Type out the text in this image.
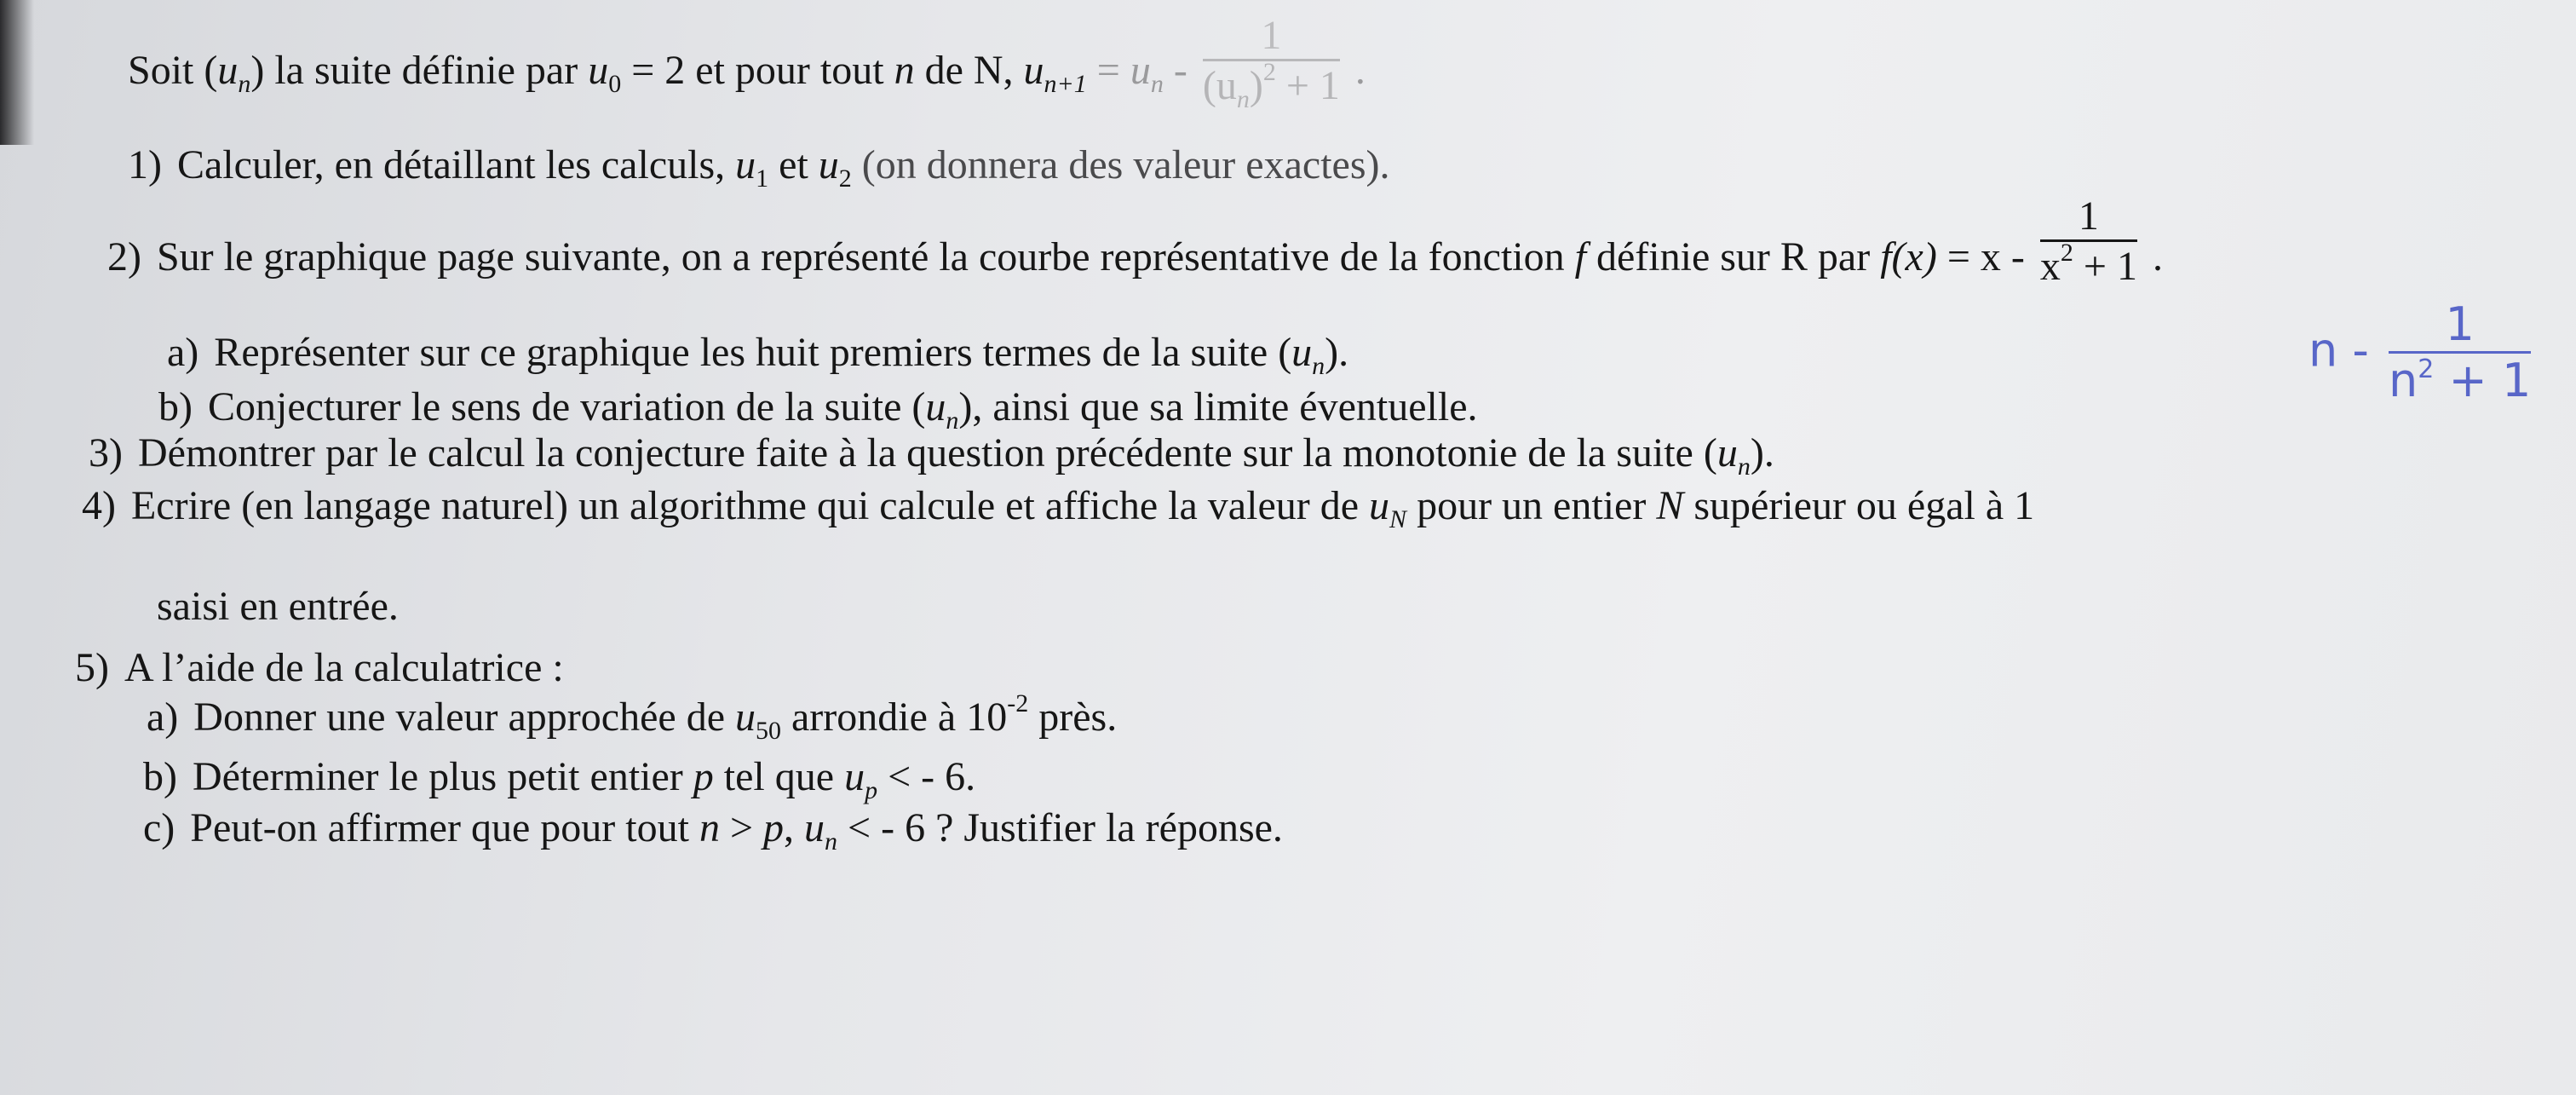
Soit $(u_n)$ la suite définie par $u_0 = 2$ et pour tout n de N, $u_{n+1} = u_n - \frac{1}{(u_n)^2 + 1}$ .
1) Calculer, en détaillant les calculs, $u_1$ et $u_2$ (on donnera des valeur exactes).
2) Sur le graphique page suivante, on a représenté la courbe représentative de la fonction f définie sur R par $f(x) = x - \frac{1}{x^2 + 1}$ .
a) Représenter sur ce graphique les huit premiers termes de la suite $(u_n)$.
b) Conjecturer le sens de variation de la suite $(u_n)$, ainsi que sa limite éventuelle.
n - $\frac{1}{n^2 + 1}$
3) Démontrer par le calcul la conjecture faite à la question précédente sur la monotonie de la suite $(u_n)$.
4) Ecrire (en langage naturel) un algorithme qui calcule et affiche la valeur de $u_N$ pour un entier N supérieur ou égal à 1
saisi en entrée.
5) A l’aide de la calculatrice :
a) Donner une valeur approchée de $u_{50}$ arrondie à $10^{-2}$ près.
b) Déterminer le plus petit entier p tel que $u_p$ < - 6.
c) Peut-on affirmer que pour tout n > p, $u_n$ < - 6 ? Justifier la réponse.
